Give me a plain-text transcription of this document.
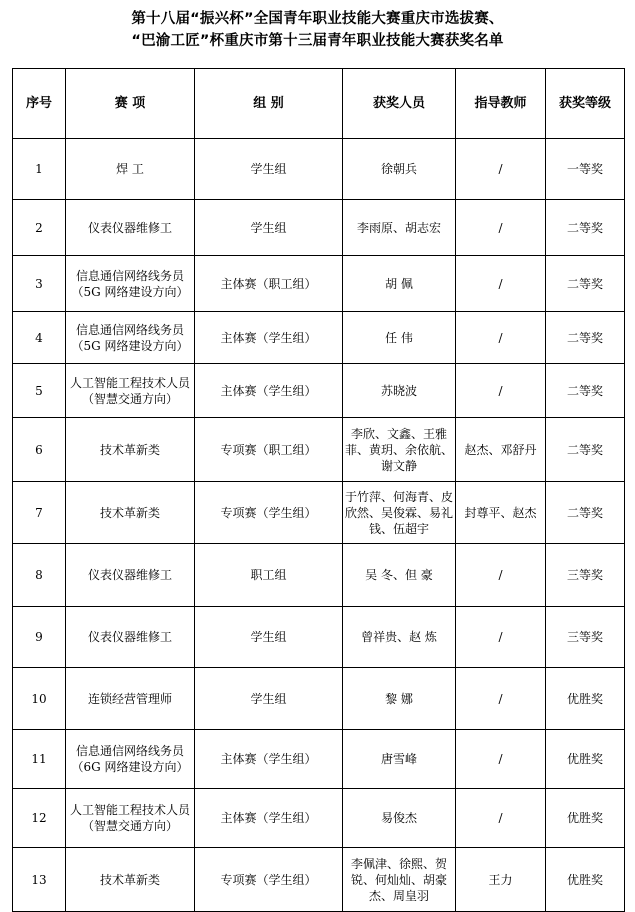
第十八届“振兴杯”全国青年职业技能大赛重庆市选拔赛、
“巴渝工匠”杯重庆市第十三届青年职业技能大赛获奖名单
序号	赛 项	组 别	获奖人员	指导教师	获奖等级
1	焊 工	学生组	徐朝兵	/	一等奖
2	仪表仪器维修工	学生组	李雨原、胡志宏	/	二等奖
3	信息通信网络线务员（5G 网络建设方向）	主体赛（职工组）	胡 佩	/	二等奖
4	信息通信网络线务员（5G 网络建设方向）	主体赛（学生组）	任 伟	/	二等奖
5	人工智能工程技术人员（智慧交通方向）	主体赛（学生组）	苏晓波	/	二等奖
6	技术革新类	专项赛（职工组）	李欣、文鑫、王雅菲、黄玥、余依航、谢文静	赵杰、邓舒丹	二等奖
7	技术革新类	专项赛（学生组）	于竹萍、何海青、皮欣然、吴俊霖、易礼钱、伍超宇	封尊平、赵杰	二等奖
8	仪表仪器维修工	职工组	吴 冬、但 豪	/	三等奖
9	仪表仪器维修工	学生组	曾祥贵、赵 炼	/	三等奖
10	连锁经营管理师	学生组	黎 娜	/	优胜奖
11	信息通信网络线务员（6G 网络建设方向）	主体赛（学生组）	唐雪峰	/	优胜奖
12	人工智能工程技术人员（智慧交通方向）	主体赛（学生组）	易俊杰	/	优胜奖
13	技术革新类	专项赛（学生组）	李佩津、徐熙、贺锐、何灿灿、胡豪杰、周皇羽	王力	优胜奖
